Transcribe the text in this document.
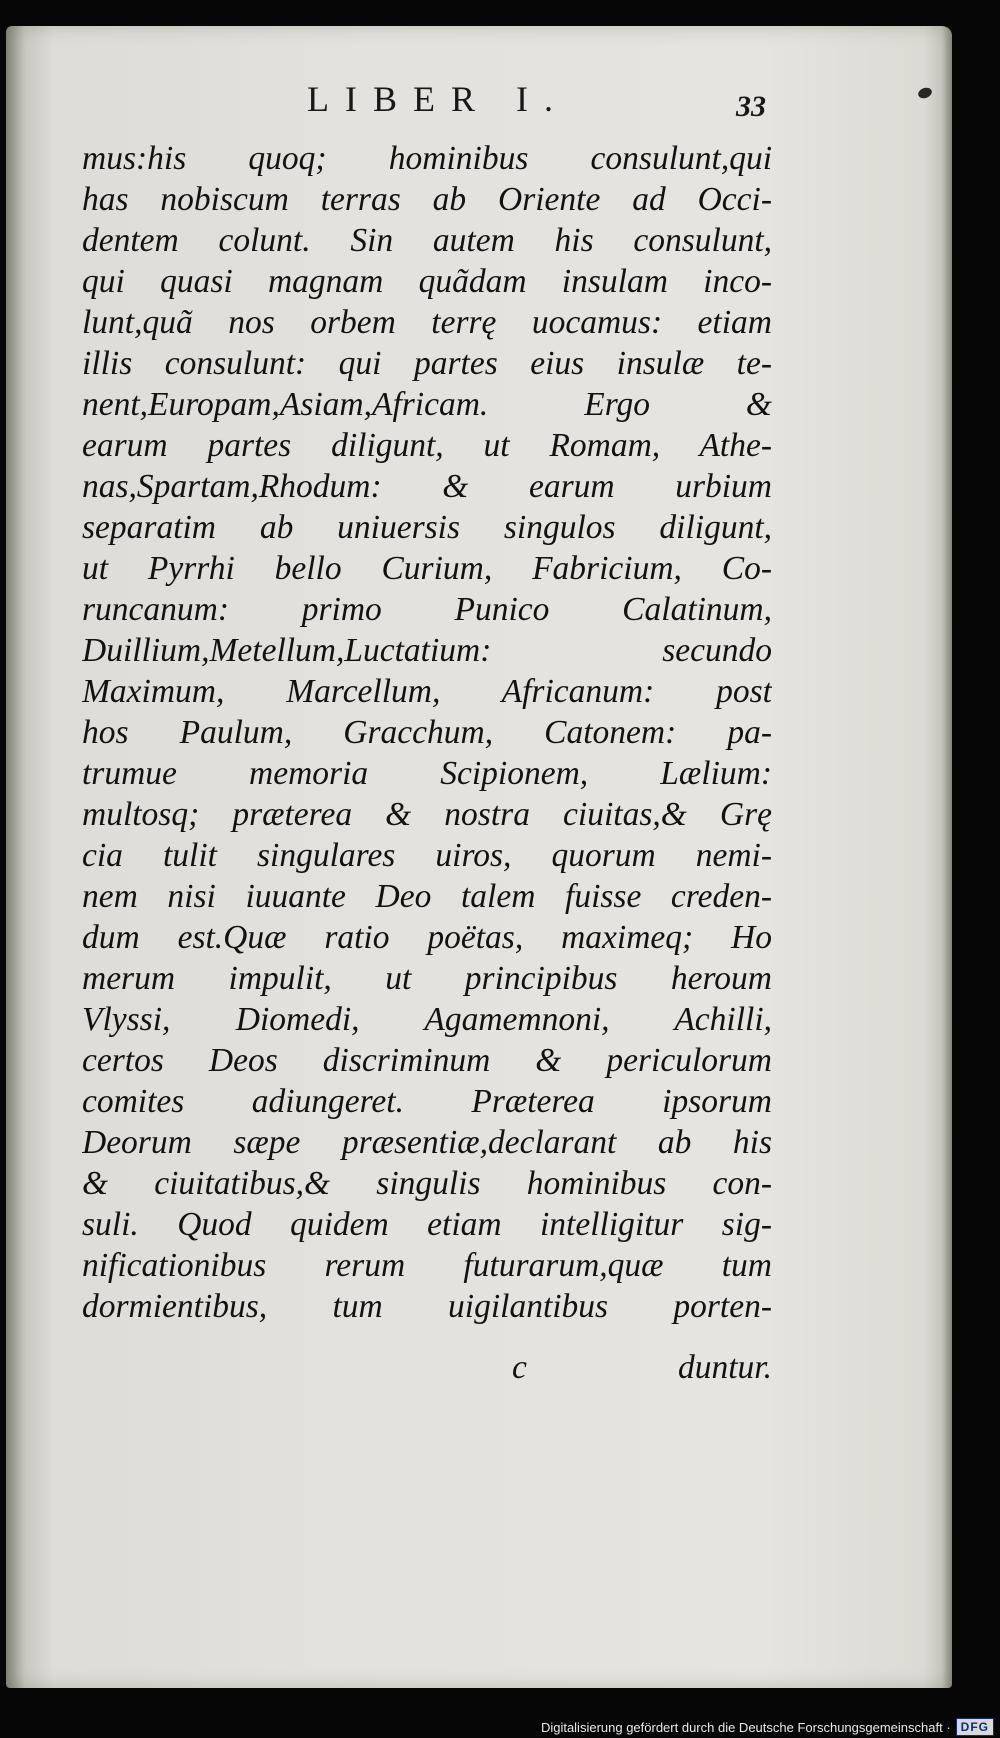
LIBER I.	33
mus:his quoq; hominibus consulunt,qui
has nobiscum terras ab Oriente ad Occi-
dentem colunt. Sin autem his consulunt,
qui quasi magnam quãdam insulam inco-
lunt,quã nos orbem terrę uocamus: etiam
illis consulunt: qui partes eius insulæ te-
nent,Europam,Asiam,Africam. Ergo &
earum partes diligunt, ut Romam, Athe-
nas,Spartam,Rhodum: & earum urbium
separatim ab uniuersis singulos diligunt,
ut Pyrrhi bello Curium, Fabricium, Co-
runcanum: primo Punico Calatinum,
Duillium,Metellum,Luctatium: secundo
Maximum, Marcellum, Africanum: post
hos Paulum, Gracchum, Catonem: pa-
trumue memoria Scipionem, Lælium:
multosq; præterea & nostra ciuitas,& Grę
cia tulit singulares uiros, quorum nemi-
nem nisi iuuante Deo talem fuisse creden-
dum est.Quæ ratio poëtas, maximeq; Ho
merum impulit, ut principibus heroum
Vlyssi, Diomedi, Agamemnoni, Achilli,
certos Deos discriminum & periculorum
comites adiungeret. Præterea ipsorum
Deorum sæpe præsentiæ,declarant ab his
& ciuitatibus,& singulis hominibus con-
suli. Quod quidem etiam intelligitur sig-
nificationibus rerum futurarum,quæ tum
dormientibus, tum uigilantibus porten-
c	duntur.
Digitalisierung gefördert durch die Deutsche Forschungsgemeinschaft · DFG
